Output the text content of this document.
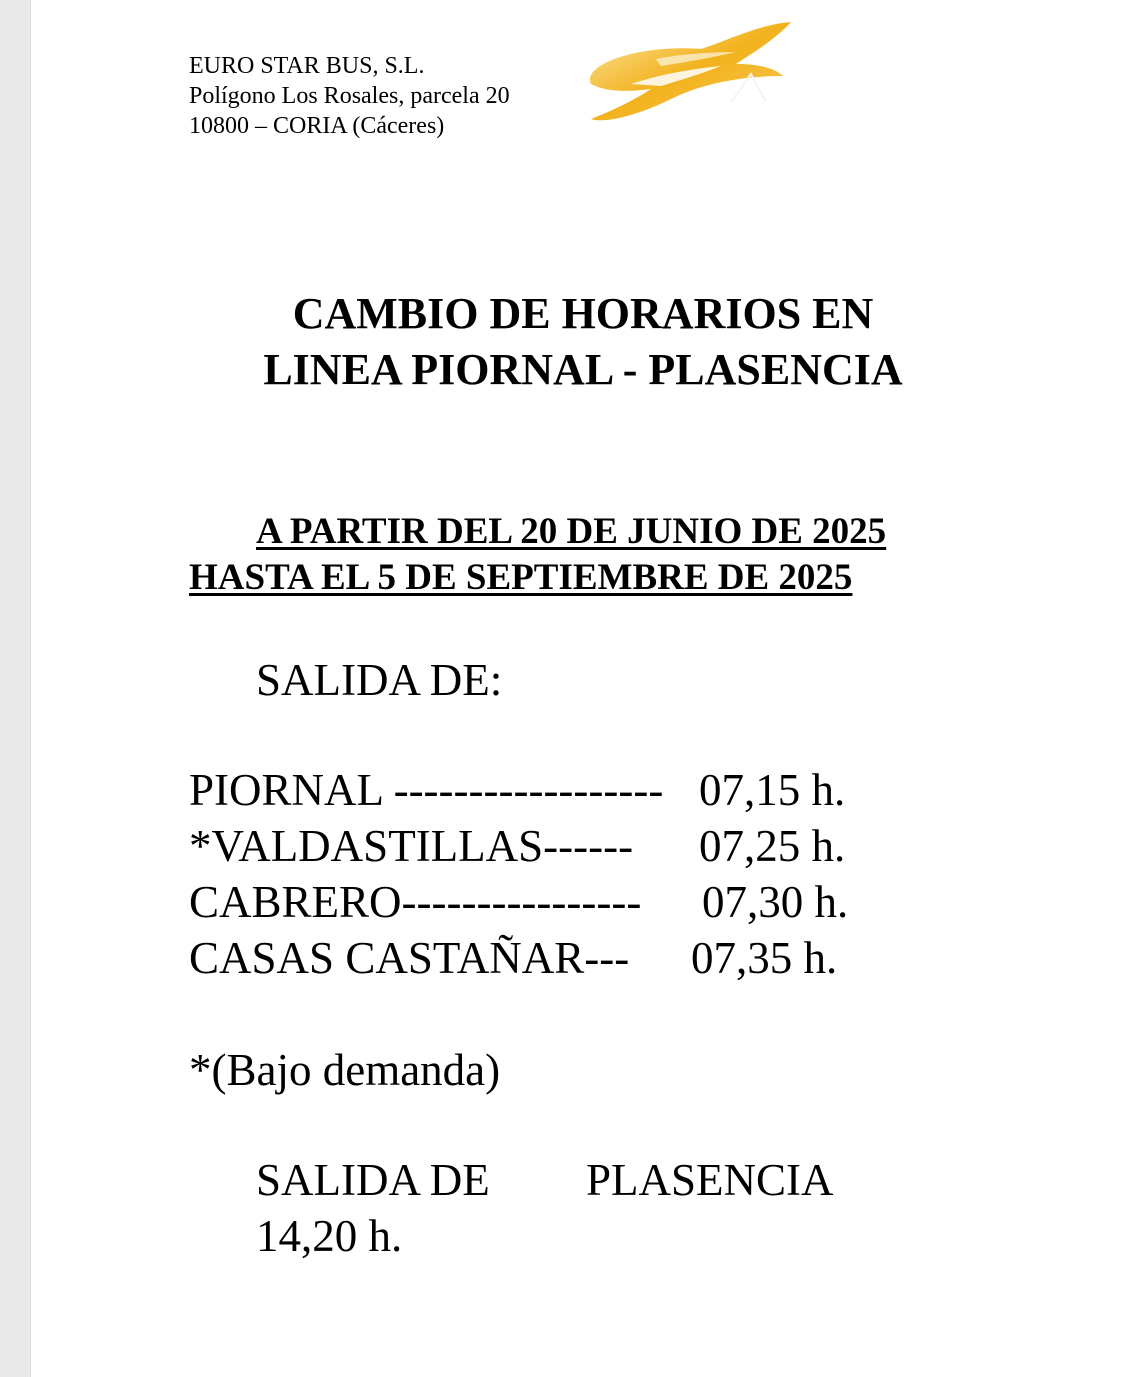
EURO STAR BUS, S.L.
Polígono Los Rosales, parcela 20
10800 – CORIA (Cáceres)
CAMBIO DE HORARIOS EN
LINEA PIORNAL - PLASENCIA
A PARTIR DEL 20 DE JUNIO DE 2025
HASTA EL 5 DE SEPTIEMBRE DE 2025
SALIDA DE:
PIORNAL ------------------ 07,15 h.
*VALDASTILLAS------ 07,25 h.
CABRERO---------------- 07,30 h.
CASAS CASTAÑAR--- 07,35 h.
*(Bajo demanda)
SALIDA DE PLASENCIA
14,20 h.
